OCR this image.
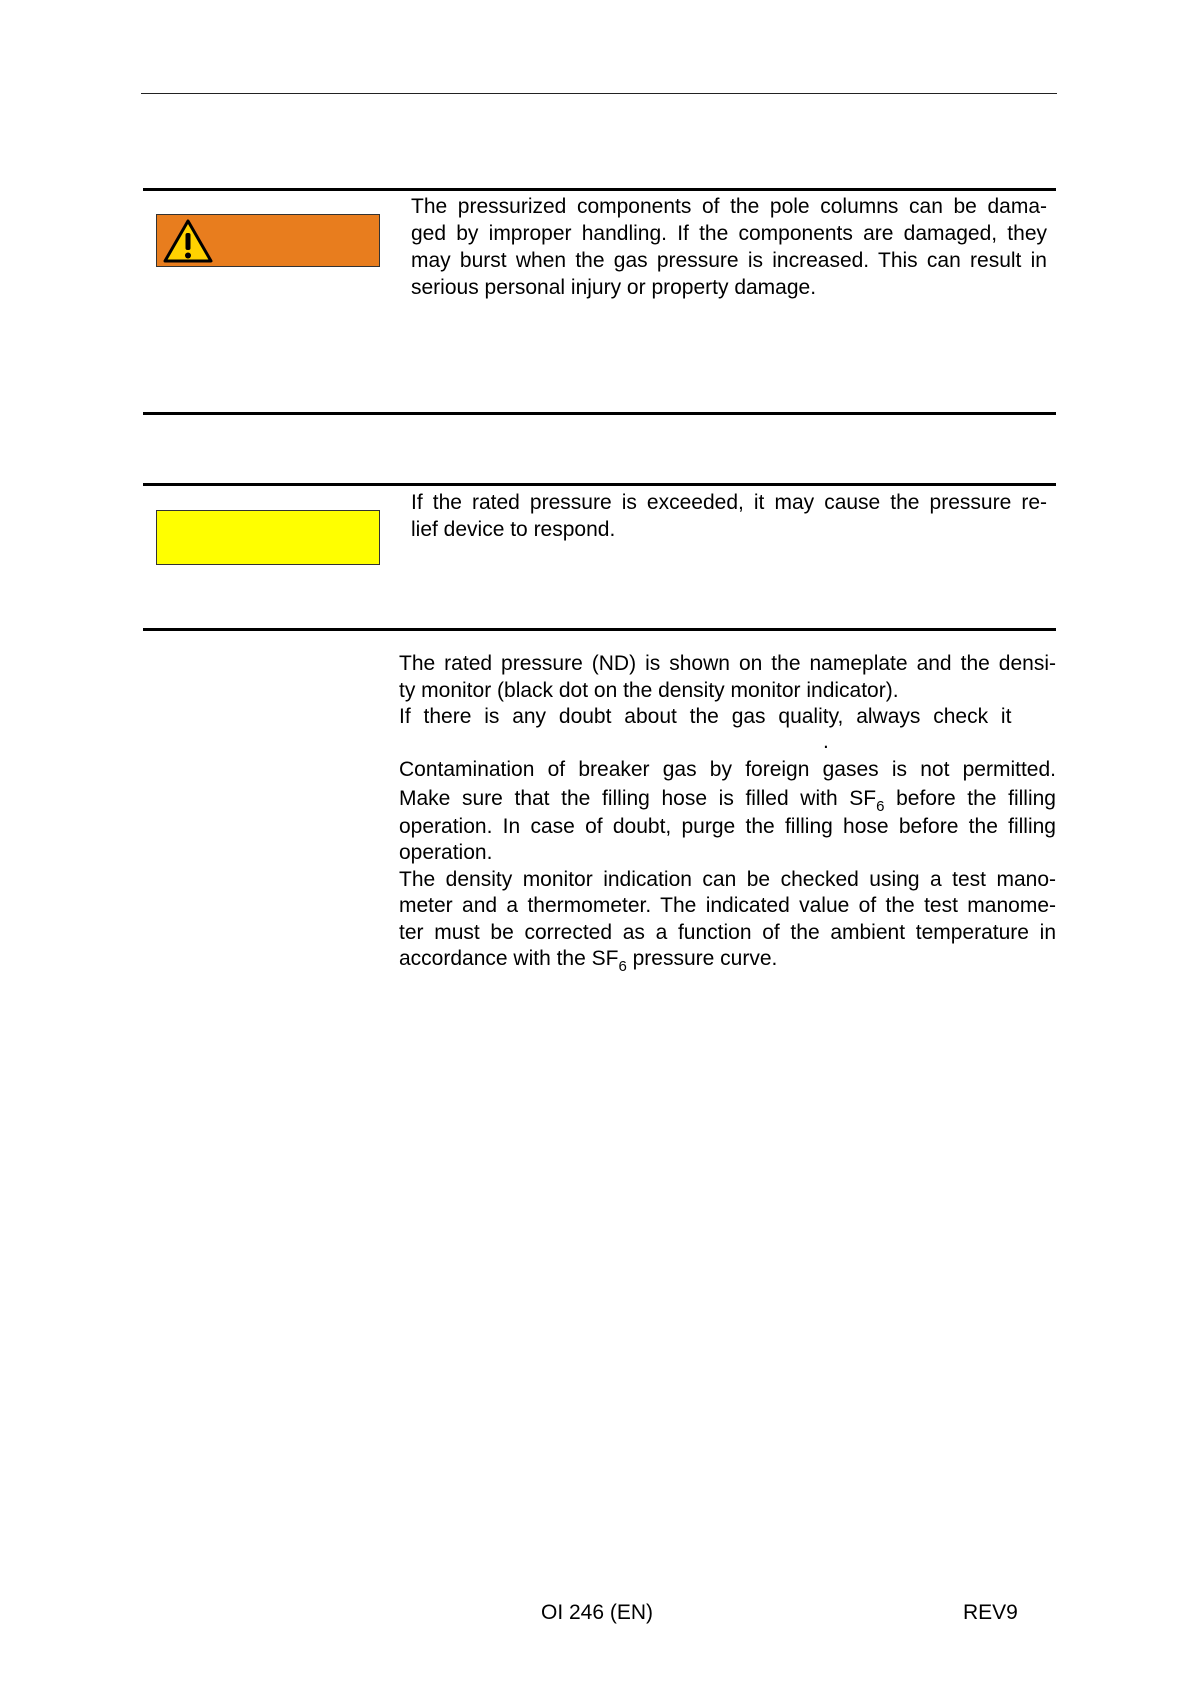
The pressurized components of the pole columns can be dama-
ged by improper handling. If the components are damaged, they
may burst when the gas pressure is increased. This can result in
serious personal injury or property damage.
If the rated pressure is exceeded, it may cause the pressure re-
lief device to respond.
The rated pressure (ND) is shown on the nameplate and the densi-
ty monitor (black dot on the density monitor indicator).
If there is any doubt about the gas quality, always check it
.
Contamination of breaker gas by foreign gases is not permitted.
Make sure that the filling hose is filled with $SF_6$ before the filling
operation. In case of doubt, purge the filling hose before the filling
operation.
The density monitor indication can be checked using a test mano-
meter and a thermometer. The indicated value of the test manome-
ter must be corrected as a function of the ambient temperature in
accordance with the $SF_6$ pressure curve.
OI 246 (EN)	REV9
